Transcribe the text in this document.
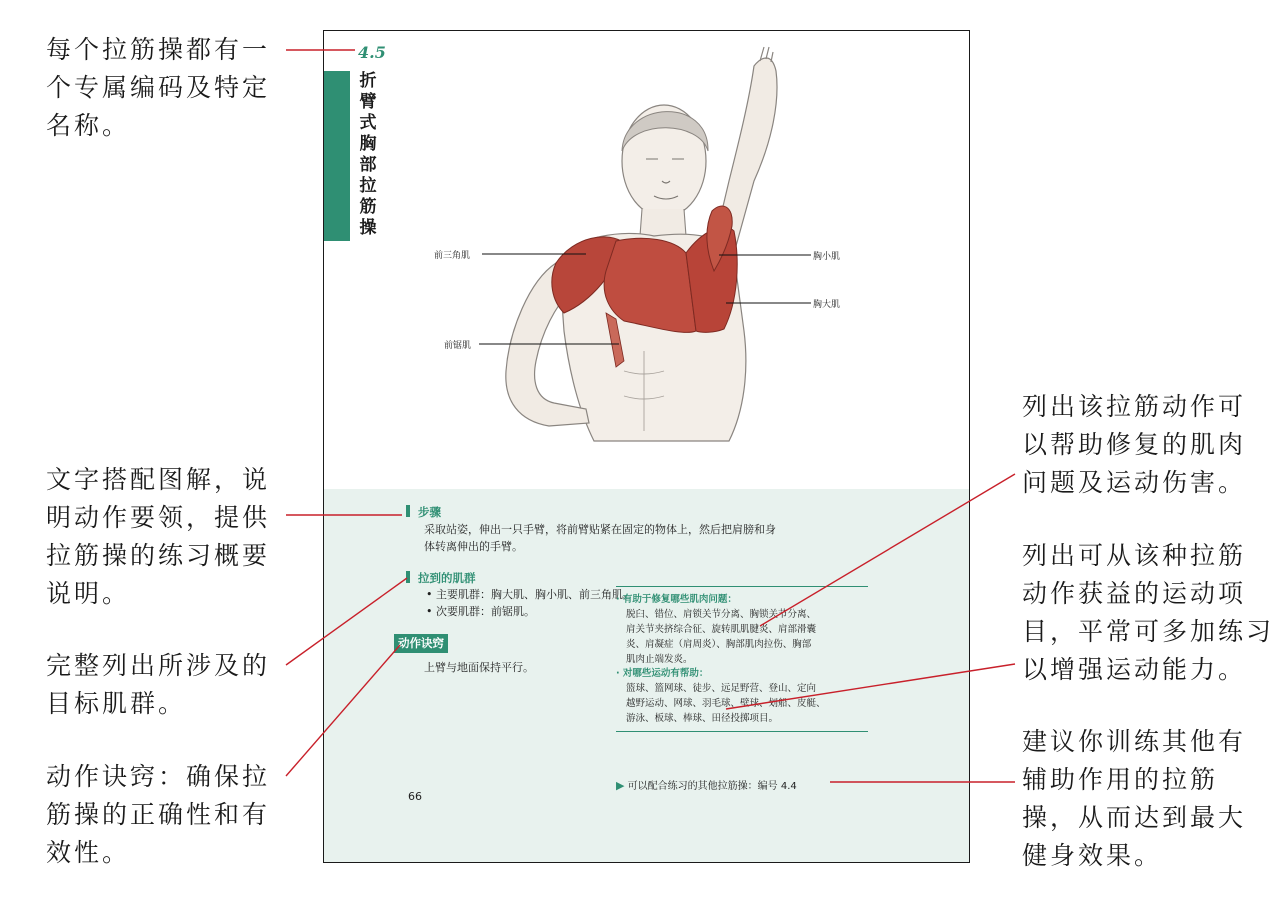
每个拉筋操都有一
个专属编码及特定
名称。
文字搭配图解，说
明动作要领，提供
拉筋操的练习概要
说明。
完整列出所涉及的
目标肌群。
动作诀窍：确保拉
筋操的正确性和有
效性。
列出该拉筋动作可
以帮助修复的肌肉
问题及运动伤害。
列出可从该种拉筋
动作获益的运动项
目，平常可多加练习
以增强运动能力。
建议你训练其他有
辅助作用的拉筋
操，从而达到最大
健身效果。
4.5
折
臂
式
胸
部
拉
筋
操
前三角肌
前锯肌
胸小肌
胸大肌
步骤
采取站姿，伸出一只手臂，将前臂贴紧在固定的物体上，然后把肩膀和身
体转离伸出的手臂。
拉到的肌群
• 主要肌群：胸大肌、胸小肌、前三角肌。
• 次要肌群：前锯肌。
动作诀窍
上臂与地面保持平行。
· 有助于修复哪些肌肉问题：
脱臼、错位、肩锁关节分离、胸锁关节分离、
肩关节夹挤综合征、旋转肌肌腱炎、肩部滑囊
炎、肩凝症（肩周炎）、胸部肌肉拉伤、胸部
肌肉止端发炎。
· 对哪些运动有帮助：
篮球、篮网球、徒步、远足野营、登山、定向
越野运动、网球、羽毛球、壁球、划船、皮艇、
游泳、板球、棒球、田径投掷项目。
▶ 可以配合练习的其他拉筋操：编号 4.4
66
